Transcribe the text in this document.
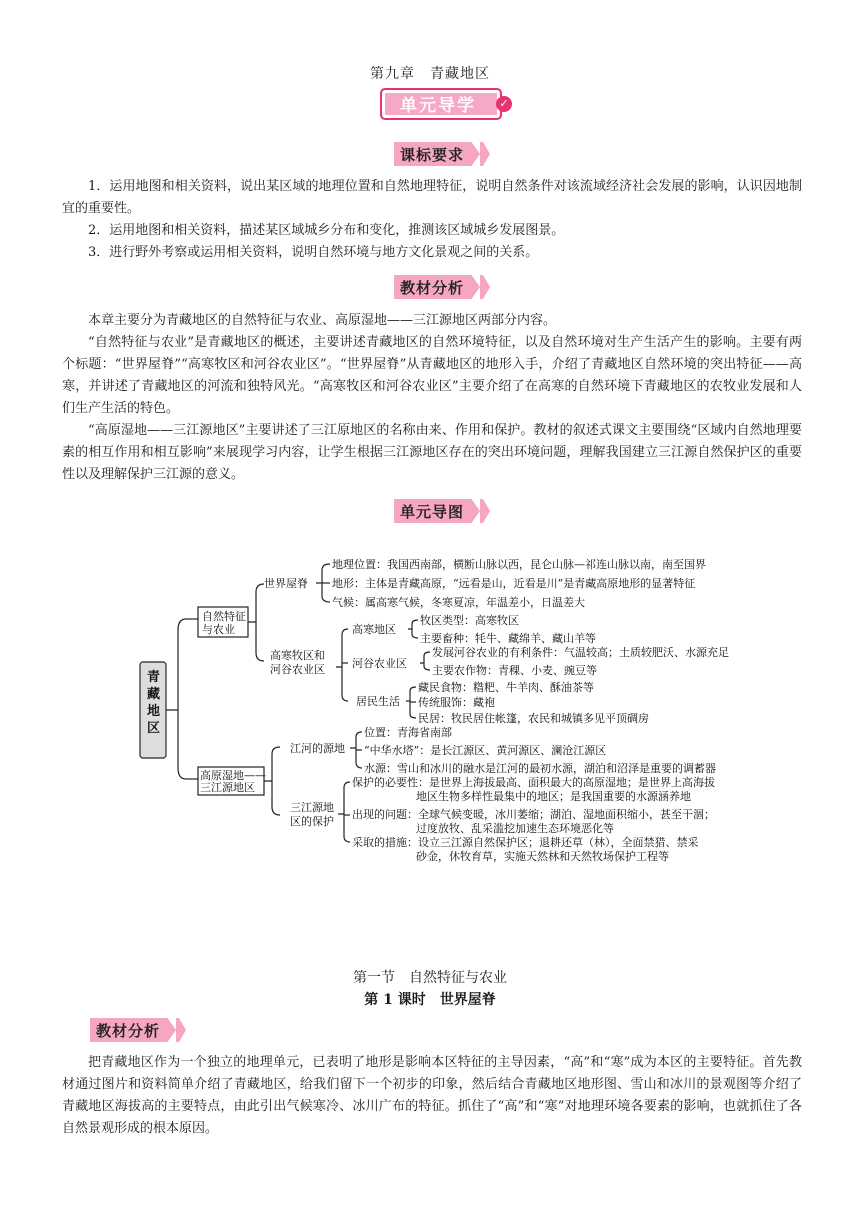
第九章　青藏地区
单元导学	✓
课标要求

1．运用地图和相关资料，说出某区域的地理位置和自然地理特征，说明自然条件对该流域经济社会发展的影响，认识因地制宜的重要性。

2．运用地图和相关资料，描述某区域城乡分布和变化，推测该区域城乡发展图景。

3．进行野外考察或运用相关资料，说明自然环境与地方文化景观之间的关系。

教材分析

本章主要分为青藏地区的自然特征与农业、高原湿地——三江源地区两部分内容。

“自然特征与农业”是青藏地区的概述，主要讲述青藏地区的自然环境特征，以及自然环境对生产生活产生的影响。主要有两个标题：“世界屋脊”“高寒牧区和河谷农业区”。“世界屋脊”从青藏地区的地形入手，介绍了青藏地区自然环境的突出特征——高寒，并讲述了青藏地区的河流和独特风光。“高寒牧区和河谷农业区”主要介绍了在高寒的自然环境下青藏地区的农牧业发展和人们生产生活的特色。

“高原湿地——三江源地区”主要讲述了三江原地区的名称由来、作用和保护。教材的叙述式课文主要围绕“区域内自然地理要素的相互作用和相互影响”来展现学习内容，让学生根据三江源地区存在的突出环境问题，理解我国建立三江源自然保护区的重要性以及理解保护三江源的意义。

单元导图
青
藏
地
区
自然特征
与农业
高原湿地——
三江源地区
世界屋脊
地理位置：我国西南部，横断山脉以西，昆仑山脉—祁连山脉以南，南至国界
地形：主体是青藏高原，“远看是山，近看是川”是青藏高原地形的显著特征
气候：属高寒气候，冬寒夏凉，年温差小，日温差大
高寒牧区和
河谷农业区
高寒地区
牧区类型：高寒牧区
主要畜种：牦牛、藏绵羊、藏山羊等
河谷农业区
发展河谷农业的有利条件：气温较高；土质较肥沃、水源充足
主要农作物：青稞、小麦、豌豆等
居民生活
藏民食物：糌粑、牛羊肉、酥油茶等
传统服饰：藏袍
民居：牧民居住帐篷，农民和城镇多见平顶碉房
江河的源地
位置：青海省南部
“中华水塔”：是长江源区、黄河源区、澜沧江源区
水源：雪山和冰川的融水是江河的最初水源，湖泊和沼泽是重要的调蓄器
三江源地
区的保护
保护的必要性：是世界上海拔最高、面积最大的高原湿地；是世界上高海拔
地区生物多样性最集中的地区；是我国重要的水源涵养地
出现的问题：全球气候变暖，冰川萎缩；湖泊、湿地面积缩小，甚至干涸；
过度放牧、乱采滥挖加速生态环境恶化等
采取的措施：设立三江源自然保护区；退耕还草（林），全面禁猎、禁采
砂金，休牧育草，实施天然林和天然牧场保护工程等
第一节　自然特征与农业
第 1 课时　世界屋脊
教材分析

把青藏地区作为一个独立的地理单元，已表明了地形是影响本区特征的主导因素，“高”和“寒”成为本区的主要特征。首先教材通过图片和资料简单介绍了青藏地区，给我们留下一个初步的印象，然后结合青藏地区地形图、雪山和冰川的景观图等介绍了青藏地区海拔高的主要特点，由此引出气候寒冷、冰川广布的特征。抓住了“高”和“寒”对地理环境各要素的影响，也就抓住了各自然景观形成的根本原因。
